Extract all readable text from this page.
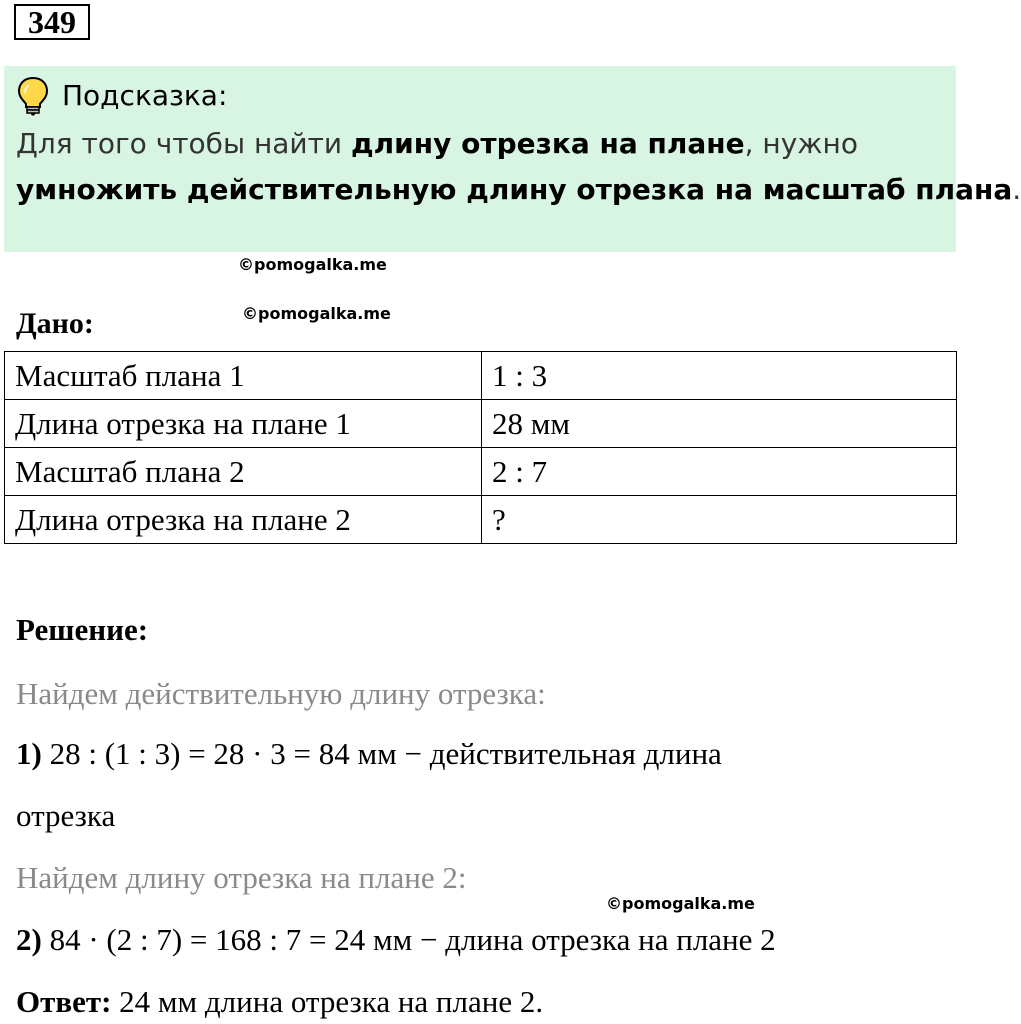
349
Подсказка:
Для того чтобы найти длину отрезка на плане, нужно
умножить действительную длину отрезка на масштаб плана.
©pomogalka.me
©pomogalka.me
©pomogalka.me
Дано:
Масштаб плана 1	1 : 3
Длина отрезка на плане 1	28 мм
Масштаб плана 2	2 : 7
Длина отрезка на плане 2	?
Решение:
Найдем действительную длину отрезка:
1) 28 : (1 : 3) = 28 · 3 = 84 мм − действительная длина
отрезка
Найдем длину отрезка на плане 2:
2) 84 · (2 : 7) = 168 : 7 = 24 мм − длина отрезка на плане 2
Ответ: 24 мм длина отрезка на плане 2.
